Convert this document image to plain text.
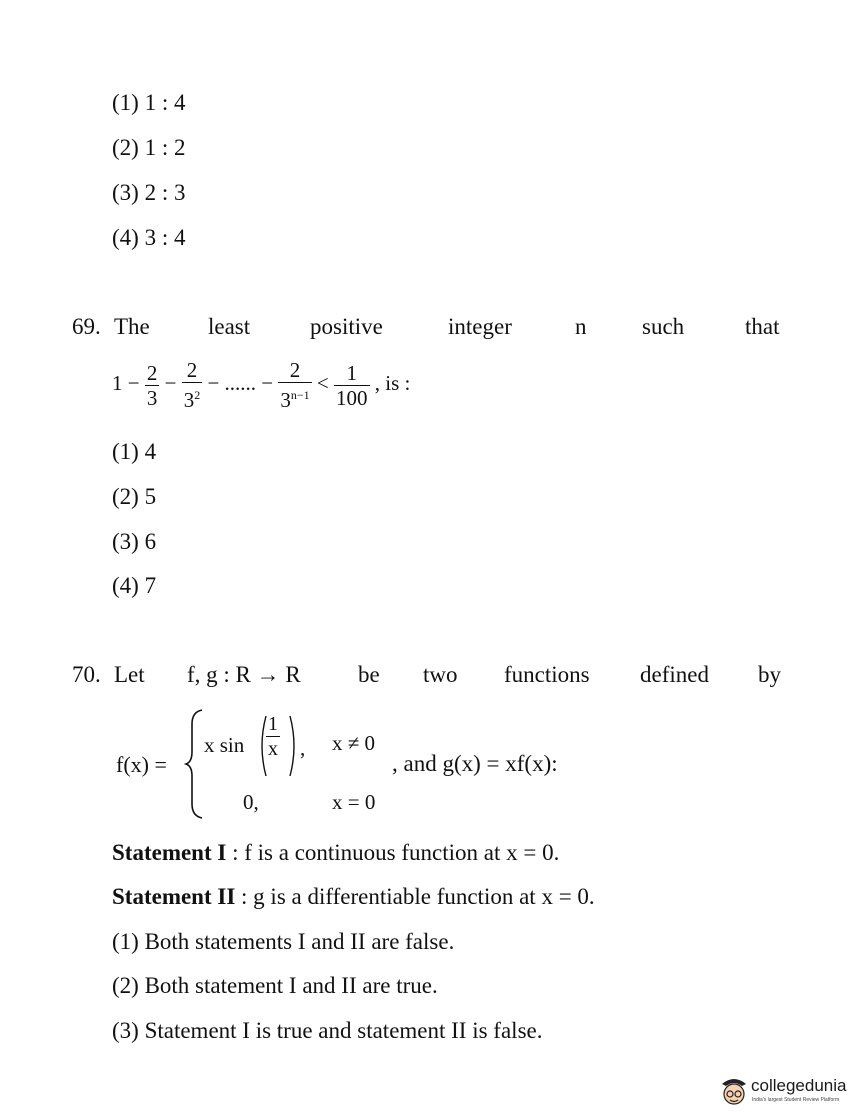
(1) 1 : 4
(2) 1 : 2
(3) 2 : 3
(4) 3 : 4
69. The	least	positive	integer	n such	that
$1 - \frac{2}{3} - \frac{2}{3^2}$ − ...... − $\frac{2}{3^{n-1}} < \frac{1}{100}$ , is :
(1) 4
(2) 5
(3) 6
(4) 7
70. Let f, g : R → R be two functions defined by
f(x) =
x $\sin \frac{1}{x}$ , x ≠ 0
0,	x = 0
, and g(x) = xf(x):
Statement I : f is a continuous function at x = 0.
Statement II : g is a differentiable function at x = 0.
(1) Both statements I and II are false.
(2) Both statement I and II are true.
(3) Statement I is true and statement II is false.
collegedunia
India's largest Student Review Platform
